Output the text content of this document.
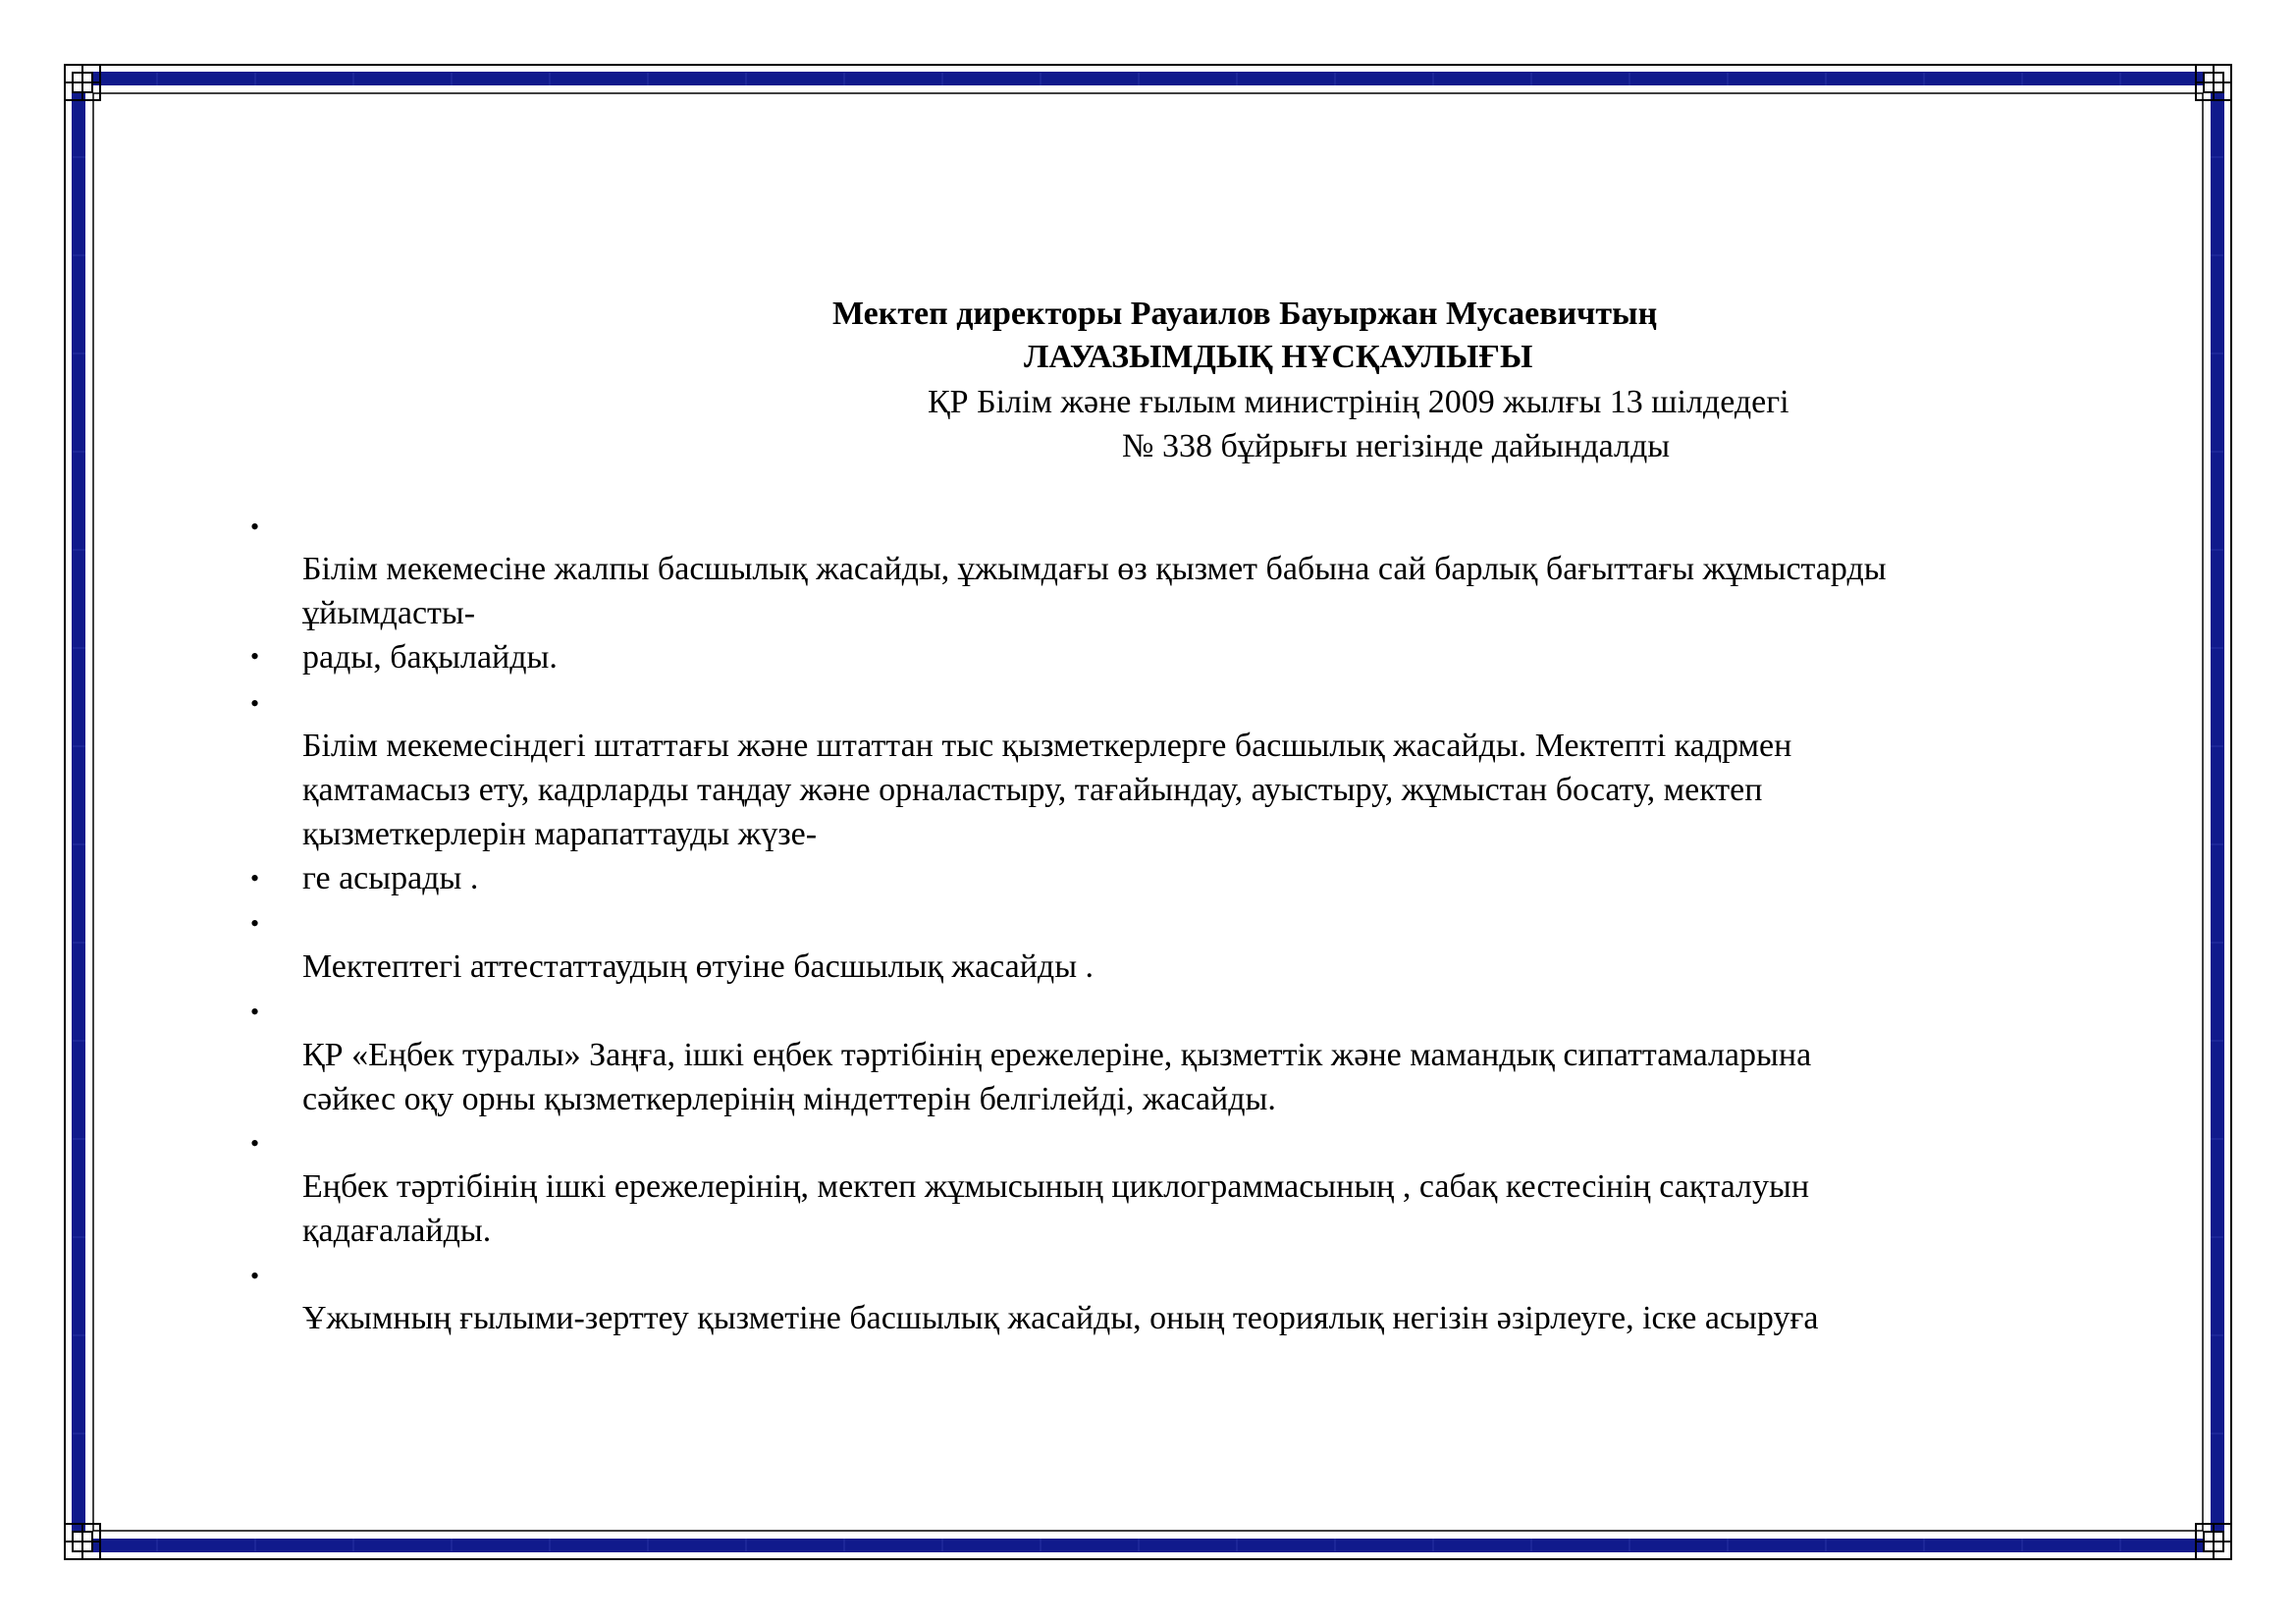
Мектеп директоры Рауаилов Бауыржан Мусаевичтың
ЛАУАЗЫМДЫҚ НҰСҚАУЛЫҒЫ
ҚР Білім және ғылым министрінің 2009 жылғы 13 шілдедегі
№ 338 бұйрығы негізінде дайындалды
•
Білім мекемесіне жалпы басшылық жасайды, ұжымдағы өз қызмет бабына сай барлық бағыттағы жұмыстарды
ұйымдасты-
• рады, бақылайды.
•
Білім мекемесіндегі штаттағы және штаттан тыс қызметкерлерге басшылық жасайды. Мектепті кадрмен
қамтамасыз ету, кадрларды таңдау және орналастыру, тағайындау, ауыстыру, жұмыстан босату, мектеп
қызметкерлерін марапаттауды жүзе-
• ге асырады .
•
Мектептегі аттестаттаудың өтуіне басшылық жасайды .
•
ҚР «Еңбек туралы» Заңға, ішкі еңбек тәртібінің ережелеріне, қызметтік және мамандық сипаттамаларына
сәйкес оқу орны қызметкерлерінің міндеттерін белгілейді, жасайды.
•
Еңбек тәртібінің ішкі ережелерінің, мектеп жұмысының циклограммасының , сабақ кестесінің сақталуын
қадағалайды.
•
Ұжымның ғылыми-зерттеу қызметіне басшылық жасайды, оның теориялық негізін әзірлеуге, іске асыруға
